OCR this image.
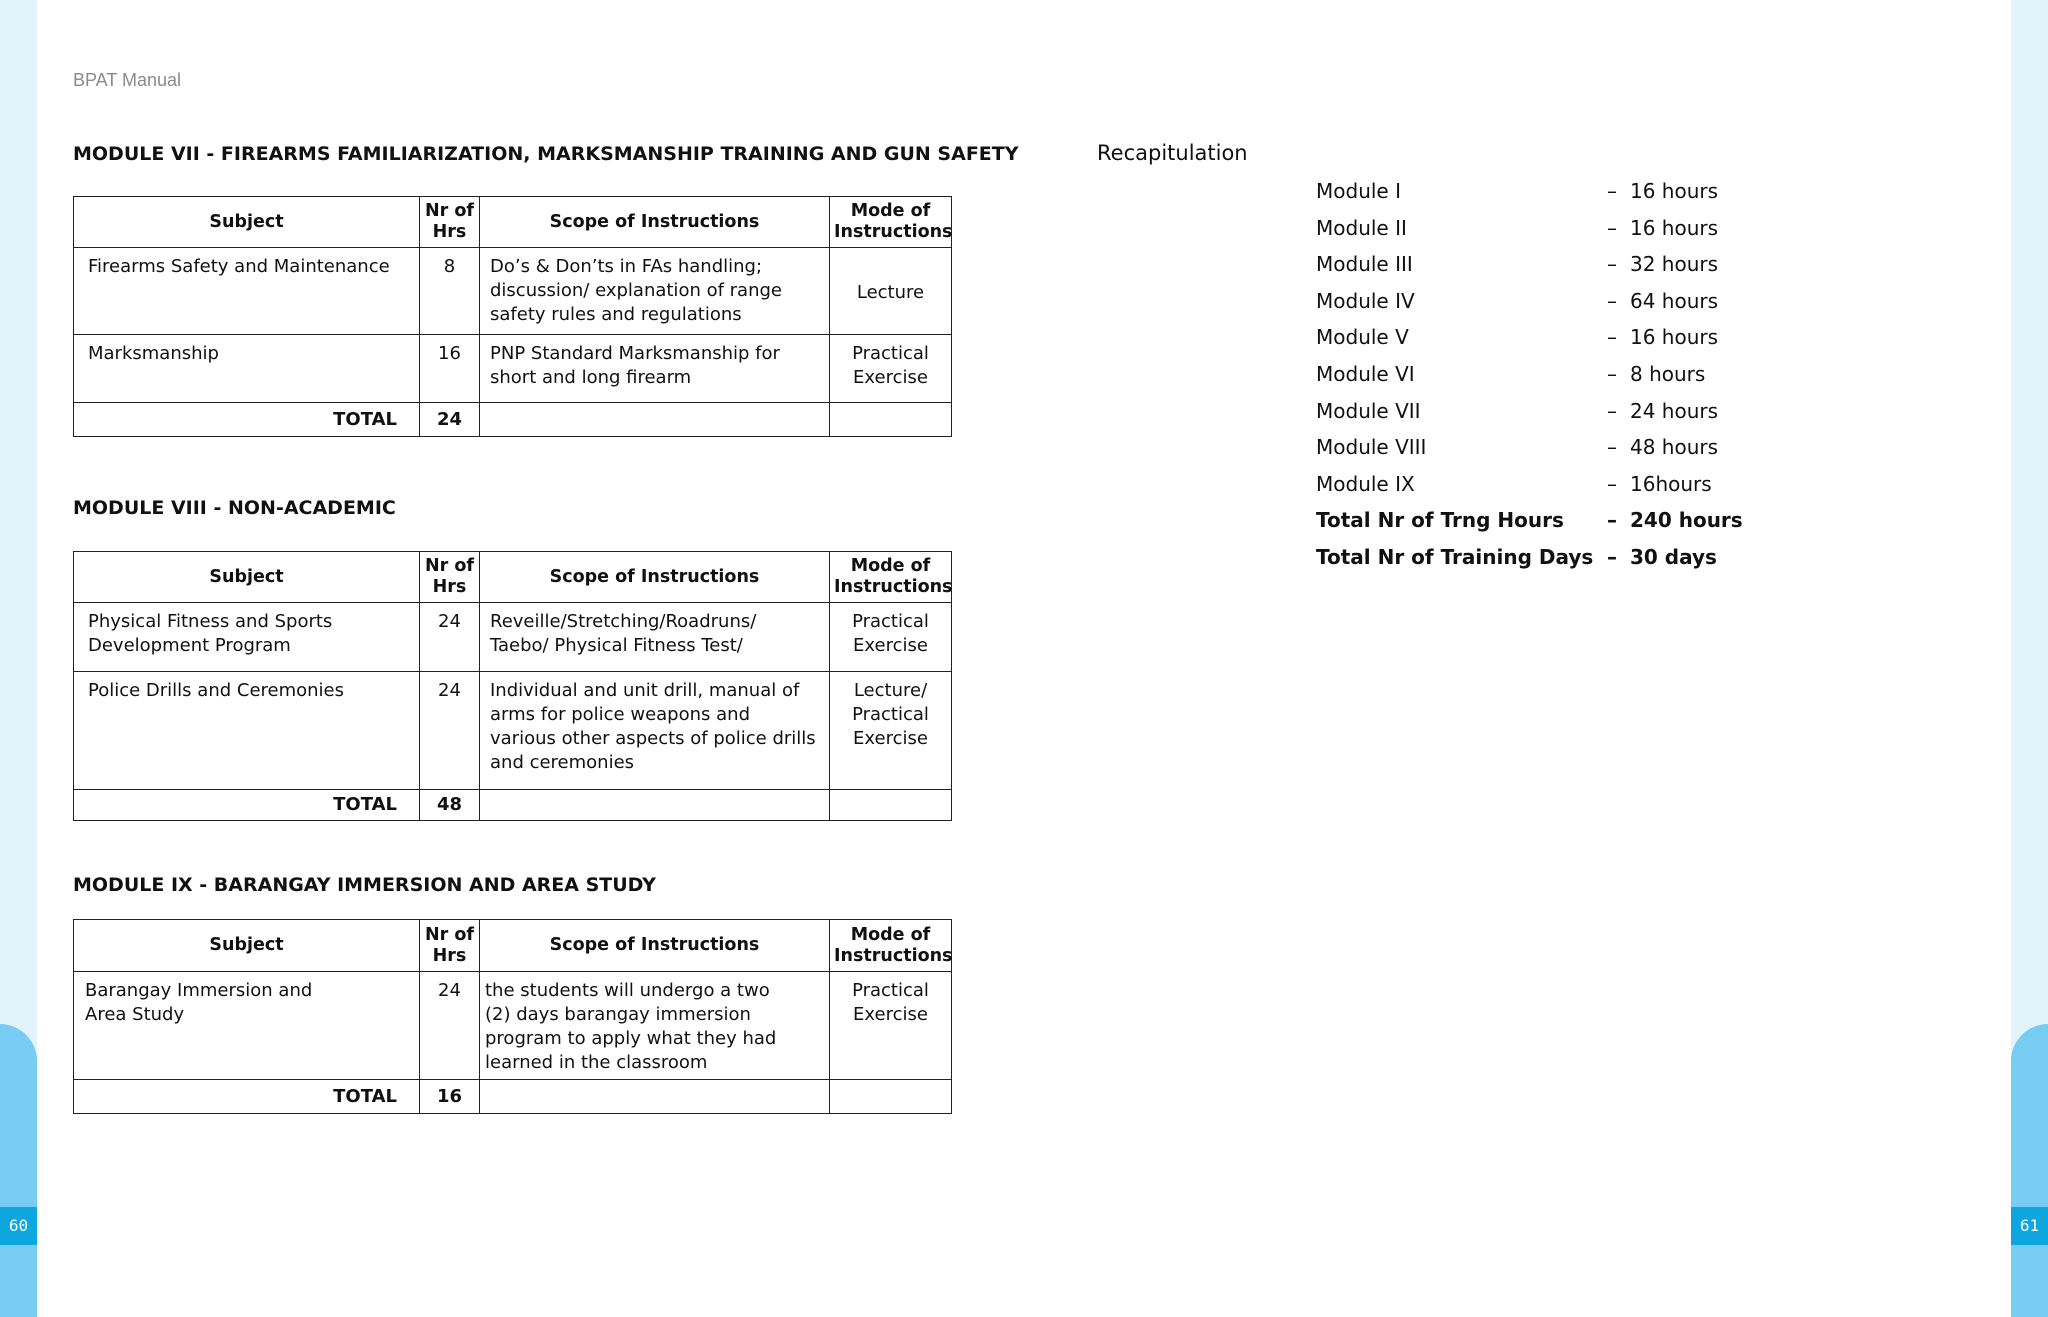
60	61
BPAT Manual
MODULE VII - FIREARMS FAMILIARIZATION, MARKSMANSHIP TRAINING AND GUN SAFETY
Subject	Nr of Hrs	Scope of Instructions	Mode of Instructions
Firearms Safety and Maintenance	8	Do’s & Don’ts in FAs handling; discussion/ explanation of range safety rules and regulations	Lecture
Marksmanship	16	PNP Standard Marksmanship for short and long firearm	Practical Exercise
TOTAL	24		
MODULE VIII - NON-ACADEMIC
Subject	Nr of Hrs	Scope of Instructions	Mode of Instructions
Physical Fitness and Sports Development Program	24	Reveille/Stretching/Roadruns/ Taebo/ Physical Fitness Test/	Practical Exercise
Police Drills and Ceremonies	24	Individual and unit drill, manual of arms for police weapons and various other aspects of police drills and ceremonies	Lecture/ Practical Exercise
TOTAL	48		
MODULE IX - BARANGAY IMMERSION AND AREA STUDY
Subject	Nr of Hrs	Scope of Instructions	Mode of Instructions
Barangay Immersion and Area Study	24	the students will undergo a two (2) days barangay immersion program to apply what they had learned in the classroom	Practical Exercise
TOTAL	16		
Recapitulation
Module I	– 16 hours
Module II	– 16 hours
Module III	– 32 hours
Module IV	– 64 hours
Module V	– 16 hours
Module VI	– 8 hours
Module VII	– 24 hours
Module VIII	– 48 hours
Module IX	– 16hours
Total Nr of Trng Hours – 240 hours
Total Nr of Training Days – 30 days
